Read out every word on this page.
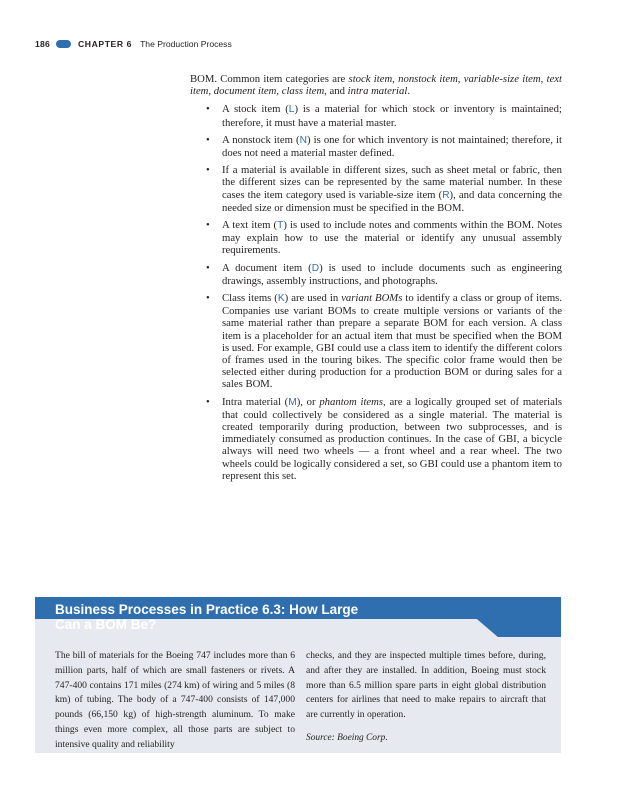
186	CHAPTER 6 The Production Process

BOM. Common item categories are stock item, nonstock item, variable-size item, text item, document item, class item, and intra material.

• A stock item (L) is a material for which stock or inventory is maintained; therefore, it must have a material master.
• A nonstock item (N) is one for which inventory is not maintained; therefore, it does not need a material master defined.
• If a material is available in different sizes, such as sheet metal or fabric, then the different sizes can be represented by the same material number. In these cases the item category used is variable-size item (R), and data concerning the needed size or dimension must be specified in the BOM.
• A text item (T) is used to include notes and comments within the BOM. Notes may explain how to use the material or identify any unusual assembly requirements.
• A document item (D) is used to include documents such as engineering drawings, assembly instructions, and photographs.
• Class items (K) are used in variant BOMs to identify a class or group of items. Companies use variant BOMs to create multiple versions or variants of the same material rather than prepare a separate BOM for each version. A class item is a placeholder for an actual item that must be specified when the BOM is used. For example, GBI could use a class item to identify the different colors of frames used in the touring bikes. The specific color frame would then be selected either during production for a production BOM or during sales for a sales BOM.
• Intra material (M), or phantom items, are a logically grouped set of materials that could collectively be considered as a single material. The material is created temporarily during production, between two subprocesses, and is immediately consumed as production continues. In the case of GBI, a bicycle always will need two wheels — a front wheel and a rear wheel. The two wheels could be logically considered a set, so GBI could use a phantom item to represent this set.
Business Processes in Practice 6.3: How Large
Can a BOM Be?
The bill of materials for the Boeing 747 includes more than 6 million parts, half of which are small fasteners or rivets. A 747-400 contains 171 miles (274 km) of wiring and 5 miles (8 km) of tubing. The body of a 747-400 consists of 147,000 pounds (66,150 kg) of high-strength aluminum. To make things even more complex, all those parts are subject to intensive quality and reliability
checks, and they are inspected multiple times before, during, and after they are installed. In addition, Boeing must stock more than 6.5 million spare parts in eight global distribution centers for airlines that need to make repairs to aircraft that are currently in operation.
Source: Boeing Corp.
